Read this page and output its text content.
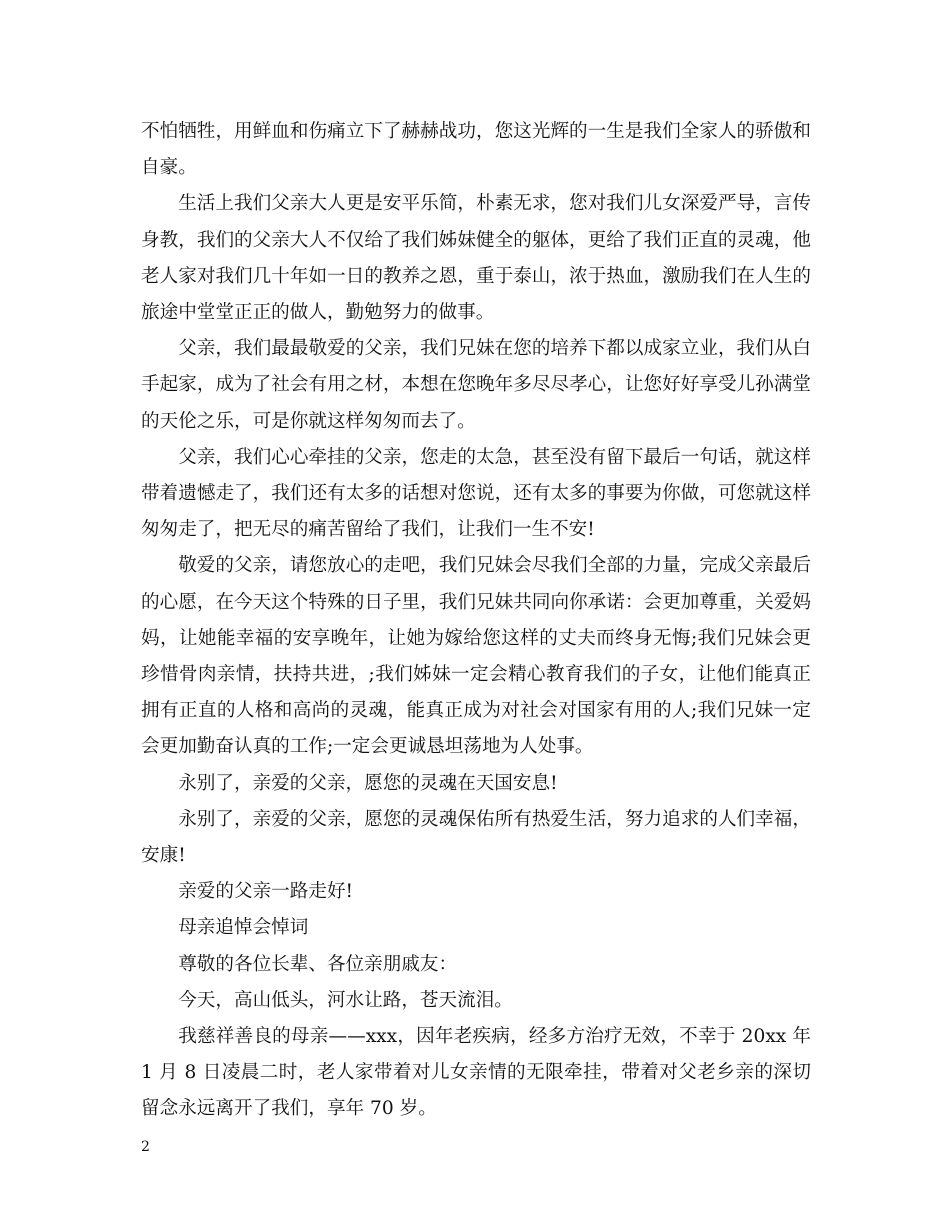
不怕牺牲，用鲜血和伤痛立下了赫赫战功，您这光辉的一生是我们全家人的骄傲和自豪。

生活上我们父亲大人更是安平乐简，朴素无求，您对我们儿女深爱严导，言传身教，我们的父亲大人不仅给了我们姊妹健全的躯体，更给了我们正直的灵魂，他老人家对我们几十年如一日的教养之恩，重于泰山，浓于热血，激励我们在人生的旅途中堂堂正正的做人，勤勉努力的做事。

父亲，我们最最敬爱的父亲，我们兄妹在您的培养下都以成家立业，我们从白手起家，成为了社会有用之材，本想在您晚年多尽尽孝心，让您好好享受儿孙满堂的天伦之乐，可是你就这样匆匆而去了。

父亲，我们心心牵挂的父亲，您走的太急，甚至没有留下最后一句话，就这样带着遗憾走了，我们还有太多的话想对您说，还有太多的事要为你做，可您就这样匆匆走了，把无尽的痛苦留给了我们，让我们一生不安!

敬爱的父亲，请您放心的走吧，我们兄妹会尽我们全部的力量，完成父亲最后的心愿，在今天这个特殊的日子里，我们兄妹共同向你承诺：会更加尊重，关爱妈妈，让她能幸福的安享晚年，让她为嫁给您这样的丈夫而终身无悔;我们兄妹会更珍惜骨肉亲情，扶持共进，;我们姊妹一定会精心教育我们的子女，让他们能真正拥有正直的人格和高尚的灵魂，能真正成为对社会对国家有用的人;我们兄妹一定会更加勤奋认真的工作;一定会更诚恳坦荡地为人处事。

永别了，亲爱的父亲，愿您的灵魂在天国安息!

永别了，亲爱的父亲，愿您的灵魂保佑所有热爱生活，努力追求的人们幸福，安康!

亲爱的父亲一路走好!

母亲追悼会悼词

尊敬的各位长辈、各位亲朋戚友：

今天，高山低头，河水让路，苍天流泪。

我慈祥善良的母亲——xxx，因年老疾病，经多方治疗无效，不幸于 20xx 年 1 月 8 日凌晨二时，老人家带着对儿女亲情的无限牵挂，带着对父老乡亲的深切留念永远离开了我们，享年 70 岁。

2
